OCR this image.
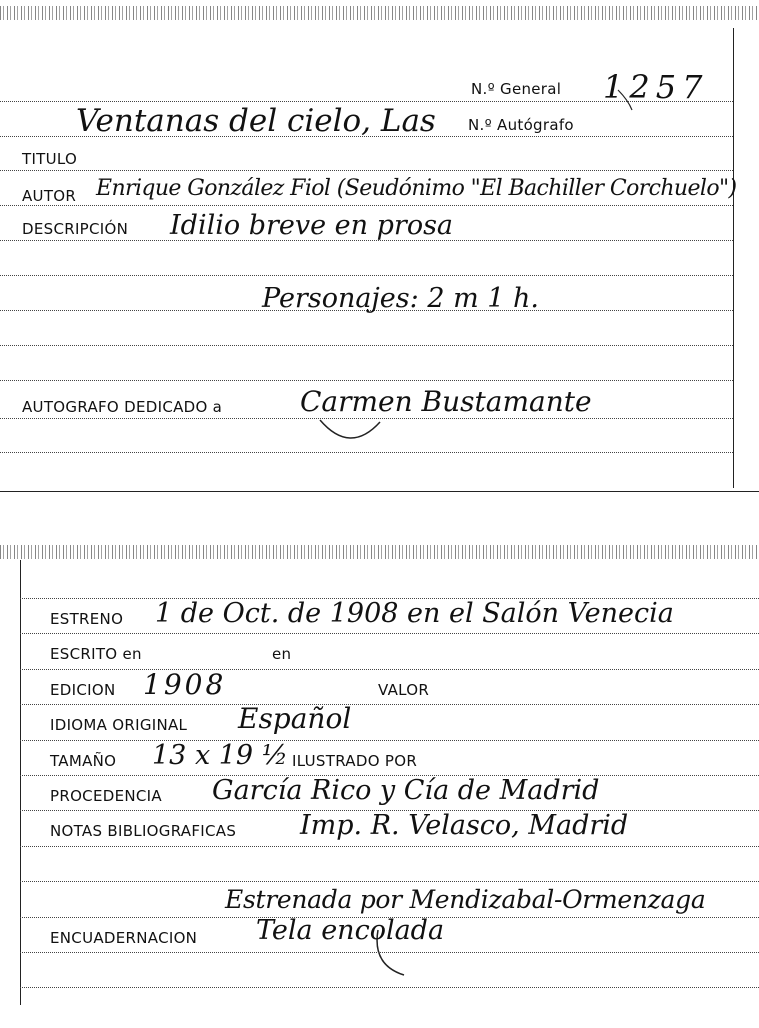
N.º General 1257
Ventanas del cielo, Las N.º Autógrafo
TITULO
AUTOR Enrique González Fiol (Seudónimo "El Bachiller Corchuelo")
DESCRIPCIÓN Idilio breve en prosa
Personajes: 2 m 1 h.
AUTOGRAFO DEDICADO a	Carmen Bustamante
ESTRENO 1 de Oct. de 1908 en el Salón Venecia
ESCRITO en	en
EDICION 1908	VALOR
IDIOMA ORIGINAL Español
TAMAÑO 13 x 19 ½ ILUSTRADO POR
PROCEDENCIA García Rico y Cía de Madrid
NOTAS BIBLIOGRAFICAS Imp. R. Velasco, Madrid
Estrenada por Mendizabal-Ormenzaga
ENCUADERNACION Tela encolada
